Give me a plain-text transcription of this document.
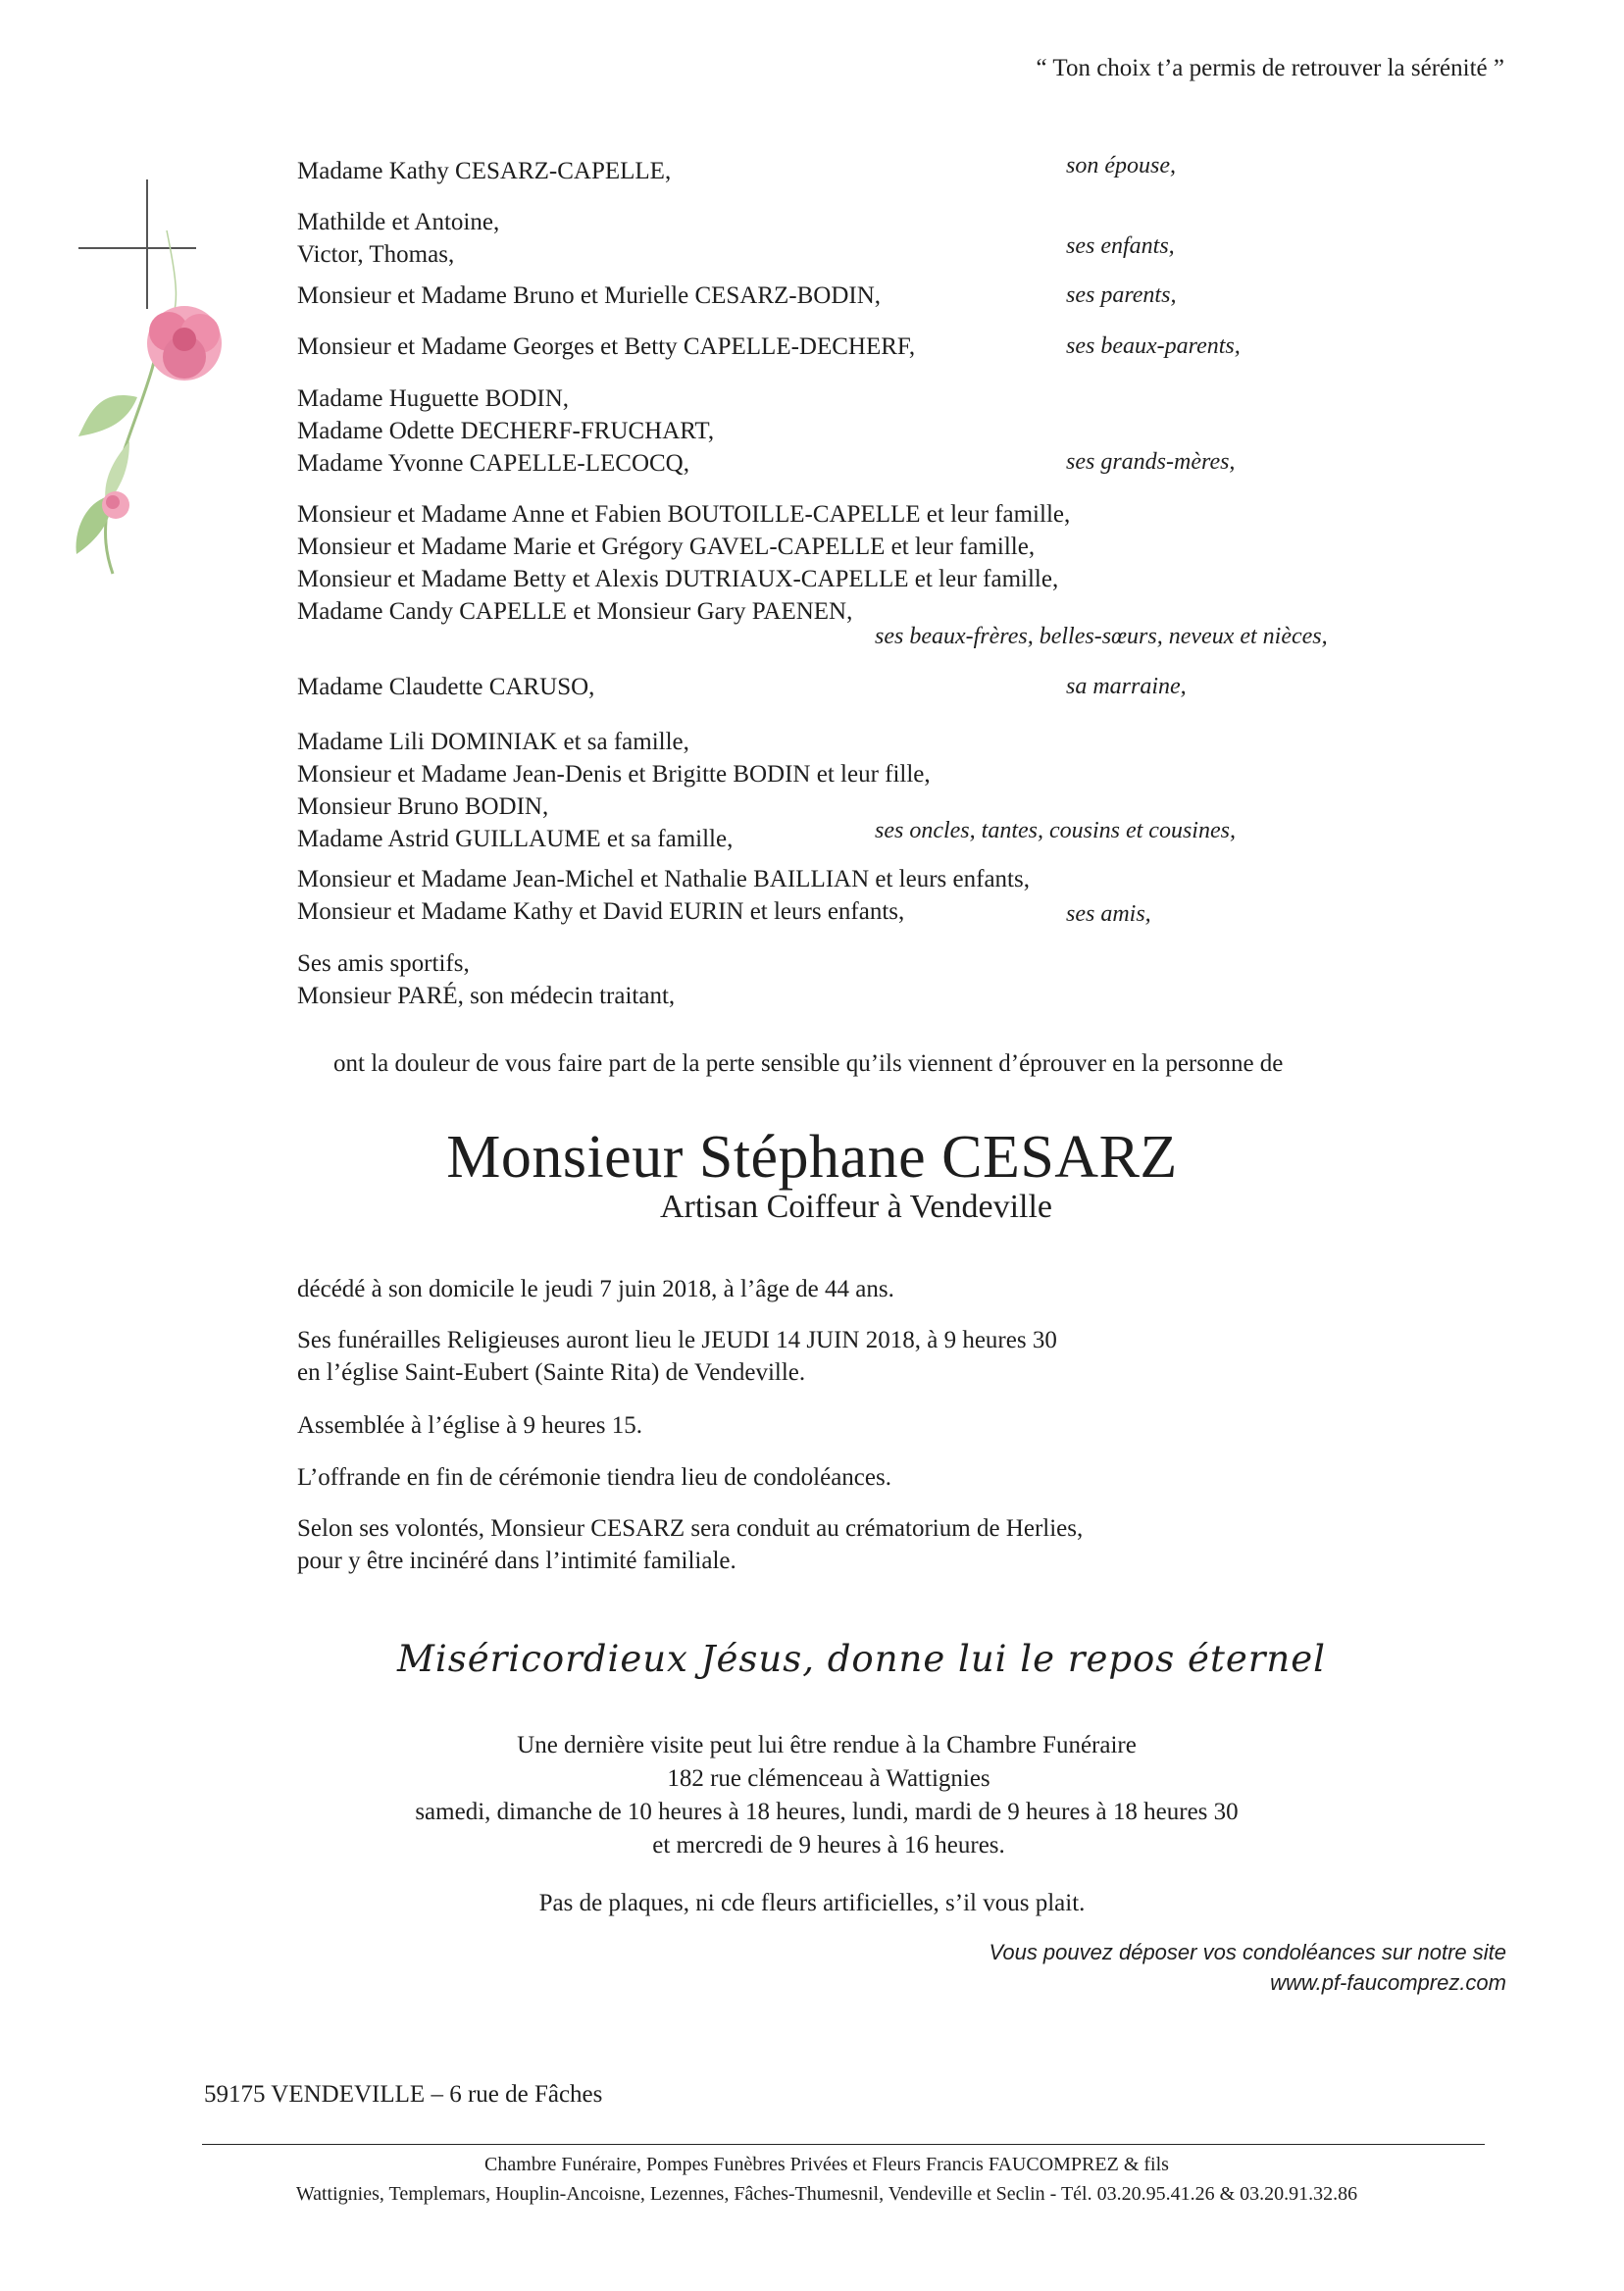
“ Ton choix t’a permis de retrouver la sérénité ”
Madame Kathy CESARZ-CAPELLE,	son épouse,
Mathilde et Antoine,
Victor, Thomas,	ses enfants,
Monsieur et Madame Bruno et Murielle CESARZ-BODIN,	ses parents,
Monsieur et Madame Georges et Betty CAPELLE-DECHERF,	ses beaux-parents,
Madame Huguette BODIN,
Madame Odette DECHERF-FRUCHART,
Madame Yvonne CAPELLE-LECOCQ,	ses grands-mères,
Monsieur et Madame Anne et Fabien BOUTOILLE-CAPELLE et leur famille,
Monsieur et Madame Marie et Grégory GAVEL-CAPELLE et leur famille,
Monsieur et Madame Betty et Alexis DUTRIAUX-CAPELLE et leur famille,
Madame Candy CAPELLE et Monsieur Gary PAENEN,
ses beaux-frères, belles-sœurs, neveux et nièces,
Madame Claudette CARUSO,	sa marraine,
Madame Lili DOMINIAK et sa famille,
Monsieur et Madame Jean-Denis et Brigitte BODIN et leur fille,
Monsieur Bruno BODIN,
Madame Astrid GUILLAUME et sa famille,	ses oncles, tantes, cousins et cousines,
Monsieur et Madame Jean-Michel et Nathalie BAILLIAN et leurs enfants,
Monsieur et Madame Kathy et David EURIN et leurs enfants,	ses amis,
Ses amis sportifs,
Monsieur PARÉ, son médecin traitant,
ont la douleur de vous faire part de la perte sensible qu’ils viennent d’éprouver en la personne de
Monsieur Stéphane CESARZ
Artisan Coiffeur à Vendeville
décédé à son domicile le jeudi 7 juin 2018, à l’âge de 44 ans.
Ses funérailles Religieuses auront lieu le JEUDI 14 JUIN 2018, à 9 heures 30
en l’église Saint-Eubert (Sainte Rita) de Vendeville.
Assemblée à l’église à 9 heures 15.
L’offrande en fin de cérémonie tiendra lieu de condoléances.
Selon ses volontés, Monsieur CESARZ sera conduit au crématorium de Herlies,
pour y être incinéré dans l’intimité familiale.
Miséricordieux Jésus, donne lui le repos éternel
Une dernière visite peut lui être rendue à la Chambre Funéraire
182 rue clémenceau à Wattignies
samedi, dimanche de 10 heures à 18 heures, lundi, mardi de 9 heures à 18 heures 30
et mercredi de 9 heures à 16 heures.
Pas de plaques, ni cde fleurs artificielles, s’il vous plait.
Vous pouvez déposer vos condoléances sur notre site
www.pf-faucomprez.com
59175 VENDEVILLE – 6 rue de Fâches
Chambre Funéraire, Pompes Funèbres Privées et Fleurs Francis FAUCOMPREZ & fils
Wattignies, Templemars, Houplin-Ancoisne, Lezennes, Fâches-Thumesnil, Vendeville et Seclin - Tél. 03.20.95.41.26 & 03.20.91.32.86
